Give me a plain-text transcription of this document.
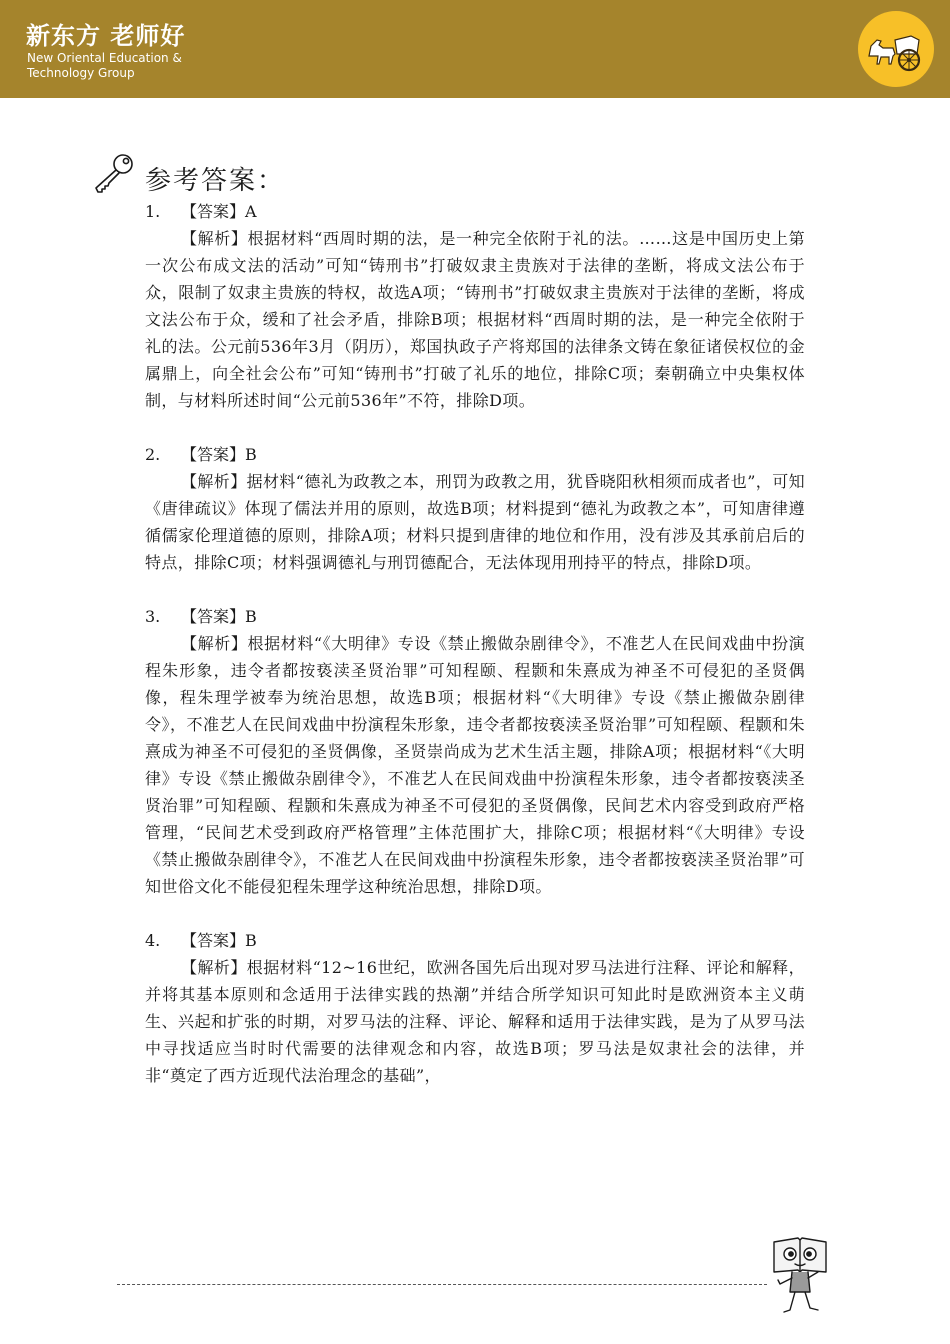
新东方 老师好
New Oriental Education &
Technology Group
参考答案：
1. 【答案】A
【解析】根据材料“西周时期的法，是一种完全依附于礼的法。……这是中国历史上第一次公布成文法的活动”可知“铸刑书”打破奴隶主贵族对于法律的垄断，将成文法公布于众，限制了奴隶主贵族的特权，故选A项；“铸刑书”打破奴隶主贵族对于法律的垄断，将成文法公布于众，缓和了社会矛盾，排除B项；根据材料“西周时期的法，是一种完全依附于礼的法。公元前536年3月（阴历），郑国执政子产将郑国的法律条文铸在象征诸侯权位的金属鼎上，向全社会公布”可知“铸刑书”打破了礼乐的地位，排除C项；秦朝确立中央集权体制，与材料所述时间“公元前536年”不符，排除D项。
2. 【答案】B
【解析】据材料“德礼为政教之本，刑罚为政教之用，犹昏晓阳秋相须而成者也”，可知《唐律疏议》体现了儒法并用的原则，故选B项；材料提到“德礼为政教之本”，可知唐律遵循儒家伦理道德的原则，排除A项；材料只提到唐律的地位和作用，没有涉及其承前启后的特点，排除C项；材料强调德礼与刑罚德配合，无法体现用刑持平的特点，排除D项。
3. 【答案】B
【解析】根据材料“《大明律》专设《禁止搬做杂剧律令》，不准艺人在民间戏曲中扮演程朱形象，违令者都按亵渎圣贤治罪”可知程颐、程颢和朱熹成为神圣不可侵犯的圣贤偶像，程朱理学被奉为统治思想，故选B项；根据材料“《大明律》专设《禁止搬做杂剧律令》，不准艺人在民间戏曲中扮演程朱形象，违令者都按亵渎圣贤治罪”可知程颐、程颢和朱熹成为神圣不可侵犯的圣贤偶像，圣贤崇尚成为艺术生活主题，排除A项；根据材料“《大明律》专设《禁止搬做杂剧律令》，不准艺人在民间戏曲中扮演程朱形象，违令者都按亵渎圣贤治罪”可知程颐、程颢和朱熹成为神圣不可侵犯的圣贤偶像，民间艺术内容受到政府严格管理，“民间艺术受到政府严格管理”主体范围扩大，排除C项；根据材料“《大明律》专设《禁止搬做杂剧律令》，不准艺人在民间戏曲中扮演程朱形象，违令者都按亵渎圣贤治罪”可知世俗文化不能侵犯程朱理学这种统治思想，排除D项。
4. 【答案】B
【解析】根据材料“12~16世纪，欧洲各国先后出现对罗马法进行注释、评论和解释，并将其基本原则和念适用于法律实践的热潮”并结合所学知识可知此时是欧洲资本主义萌生、兴起和扩张的时期，对罗马法的注释、评论、解释和适用于法律实践，是为了从罗马法中寻找适应当时时代需要的法律观念和内容，故选B项；罗马法是奴隶社会的法律，并非“奠定了西方近现代法治理念的基础”，
